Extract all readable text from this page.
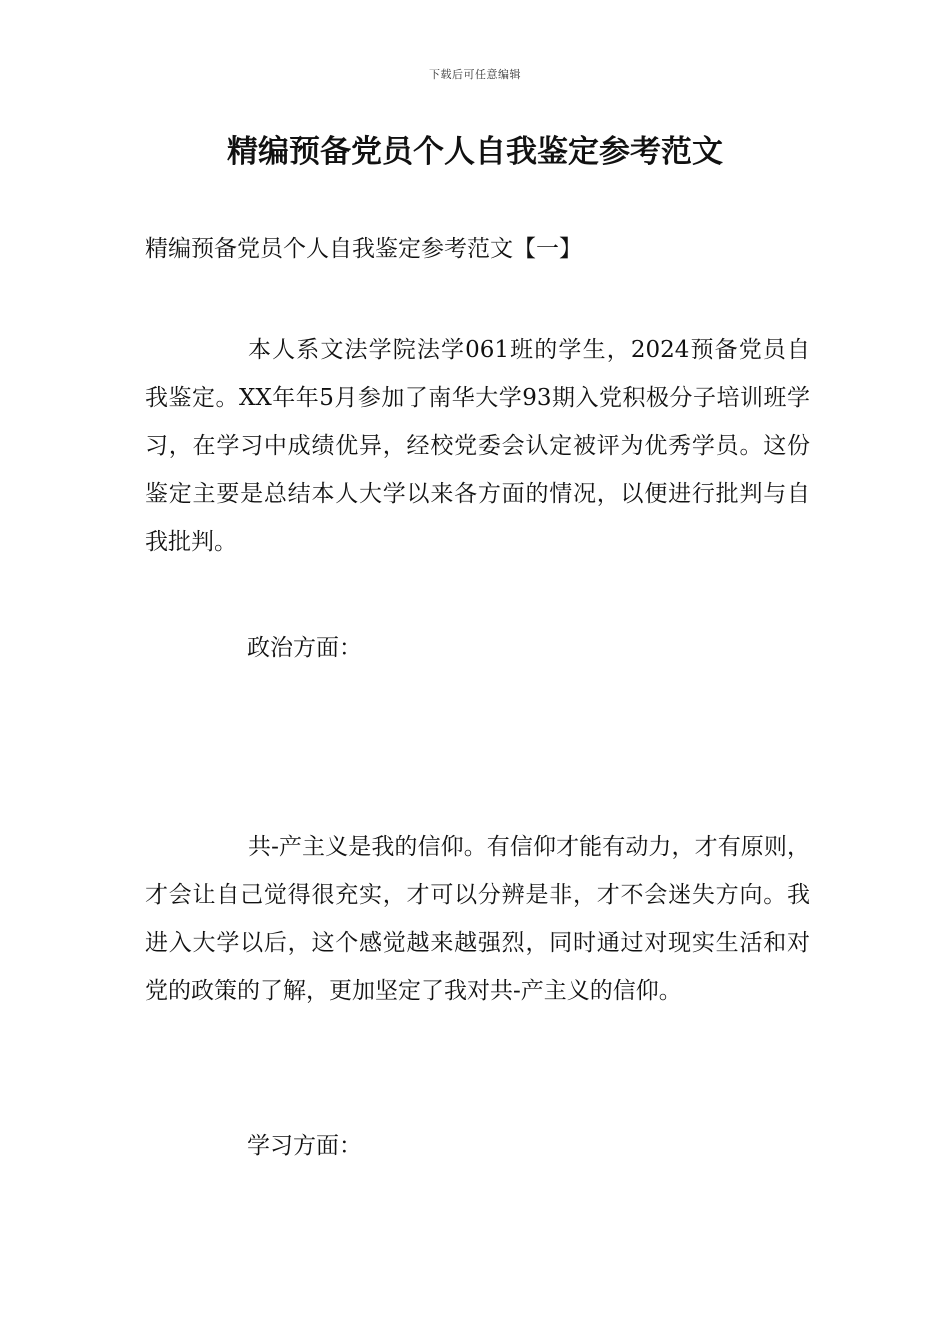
下载后可任意编辑
精编预备党员个人自我鉴定参考范文

精编预备党员个人自我鉴定参考范文【一】

本人系文法学院法学061班的学生，2024预备党员自我鉴定。XX年年5月参加了南华大学93期入党积极分子培训班学习，在学习中成绩优异，经校党委会认定被评为优秀学员。这份鉴定主要是总结本人大学以来各方面的情况，以便进行批判与自我批判。

政治方面：

共-产主义是我的信仰。有信仰才能有动力，才有原则，才会让自己觉得很充实，才可以分辨是非，才不会迷失方向。我进入大学以后，这个感觉越来越强烈，同时通过对现实生活和对党的政策的了解，更加坚定了我对共-产主义的信仰。

学习方面：
